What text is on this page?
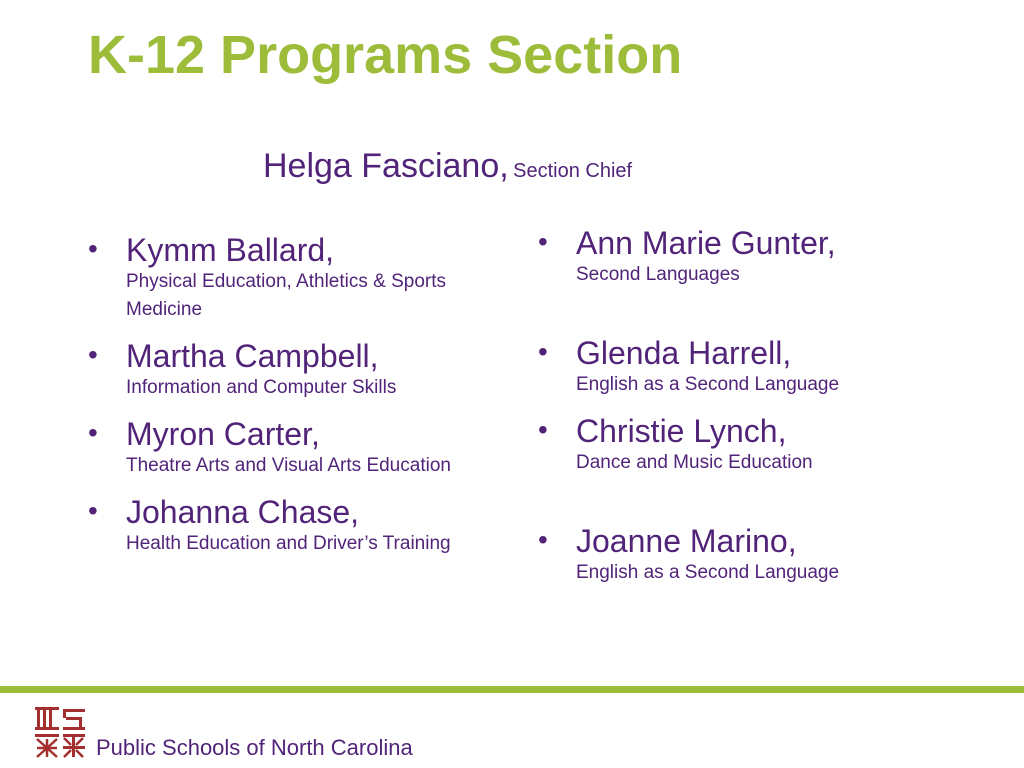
K-12 Programs Section
Helga Fasciano, Section Chief
• Kymm Ballard,
Physical Education, Athletics & Sports Medicine
• Martha Campbell,
Information and Computer Skills
• Myron Carter,
Theatre Arts and Visual Arts Education
• Johanna Chase,
Health Education and Driver’s Training
• Ann Marie Gunter,
Second Languages
• Glenda Harrell,
English as a Second Language
• Christie Lynch,
Dance and Music Education
• Joanne Marino,
English as a Second Language
Public Schools of North Carolina
